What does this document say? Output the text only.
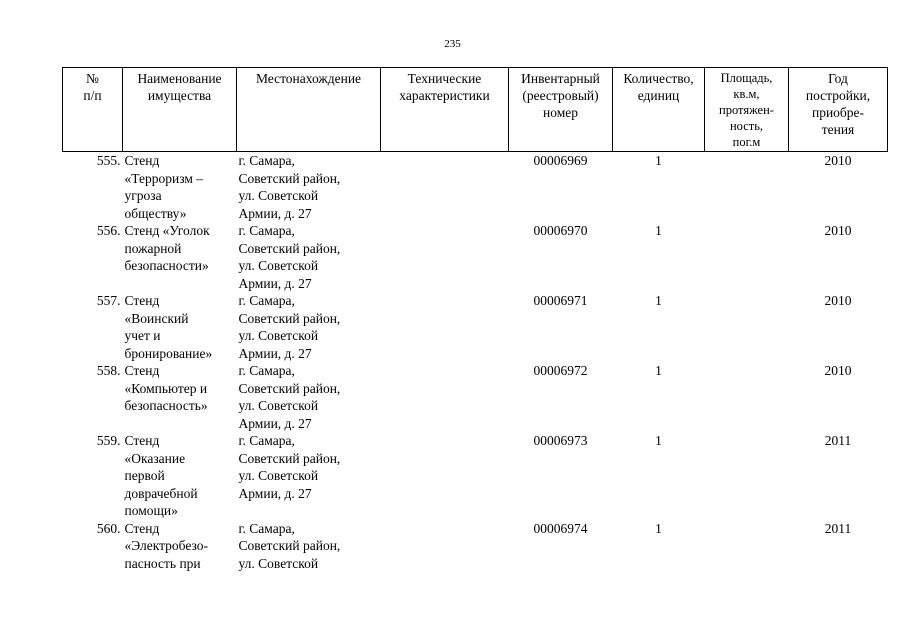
235
№
п/п	Наименование
имущества	Местонахождение	Технические
характеристики	Инвентарный
(реестровый)
номер	Количество,
единиц	Площадь,
кв.м,
протяжен-
ность,
пог.м	Год
постройки,
приобре-
тения
555.	Стенд
«Терроризм –
угроза
обществу»	г. Самара,
Советский район,
ул. Советской
Армии, д. 27		00006969	1		2010
556.	Стенд «Уголок
пожарной
безопасности»	г. Самара,
Советский район,
ул. Советской
Армии, д. 27		00006970	1		2010
557.	Стенд
«Воинский
учет и
бронирование»	г. Самара,
Советский район,
ул. Советской
Армии, д. 27		00006971	1		2010
558.	Стенд
«Компьютер и
безопасность»	г. Самара,
Советский район,
ул. Советской
Армии, д. 27		00006972	1		2010
559.	Стенд
«Оказание
первой
доврачебной
помощи»	г. Самара,
Советский район,
ул. Советской
Армии, д. 27		00006973	1		2011
560.	Стенд
«Электробезо-
пасность при	г. Самара,
Советский район,
ул. Советской		00006974	1		2011
